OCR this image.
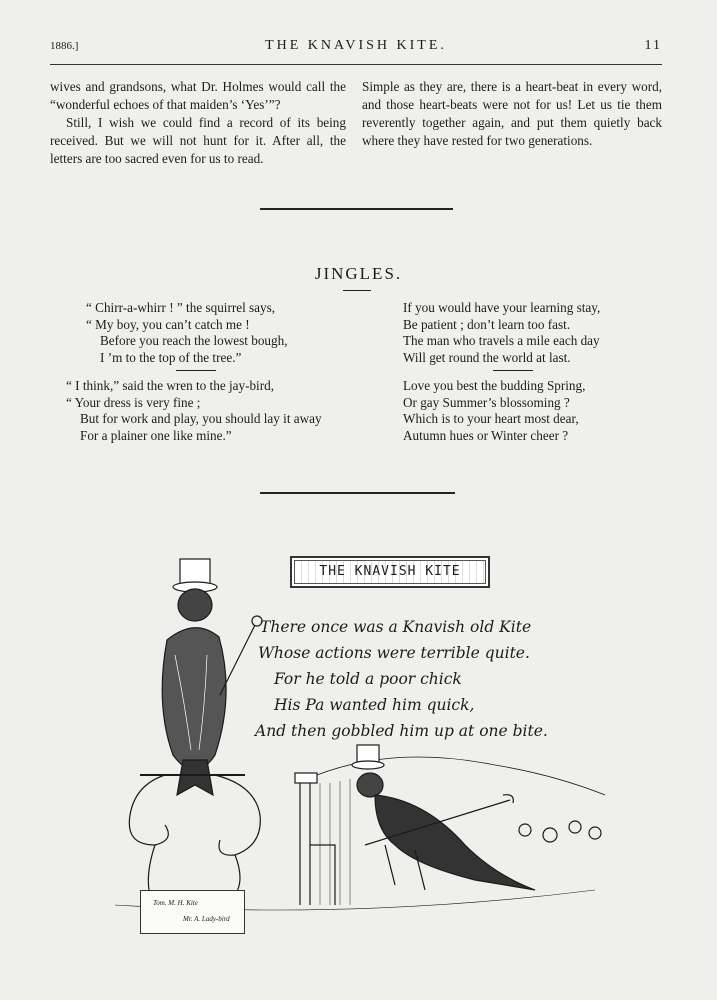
1886.]	THE KNAVISH KITE.	11

wives and grandsons, what Dr. Holmes would call the “wonderful echoes of that maiden’s ‘Yes’”?

Still, I wish we could find a record of its being received. But we will not hunt for it. After all, the letters are too sacred even for us to read.

Simple as they are, there is a heart-beat in every word, and those heart-beats were not for us! Let us tie them reverently together again, and put them quietly back where they have rested for two generations.

JINGLES.
“ Chirr-a-whirr ! ” the squirrel says,
“ My boy, you can’t catch me !
Before you reach the lowest bough,
I ’m to the top of the tree.”
“ I think,” said the wren to the jay-bird,
“ Your dress is very fine ;
But for work and play, you should lay it away
For a plainer one like mine.”
If you would have your learning stay,
Be patient ; don’t learn too fast.
The man who travels a mile each day
Will get round the world at last.
Love you best the budding Spring,
Or gay Summer’s blossoming ?
Which is to your heart most dear,
Autumn hues or Winter cheer ?
THE KNAVISH KITE
There once was a Knavish old Kite
Whose actions were terrible quite.
For he told a poor chick
His Pa wanted him quick,
And then gobbled him up at one bite.
Tom. M. H. Kite
Mr. A. Lady-bird
